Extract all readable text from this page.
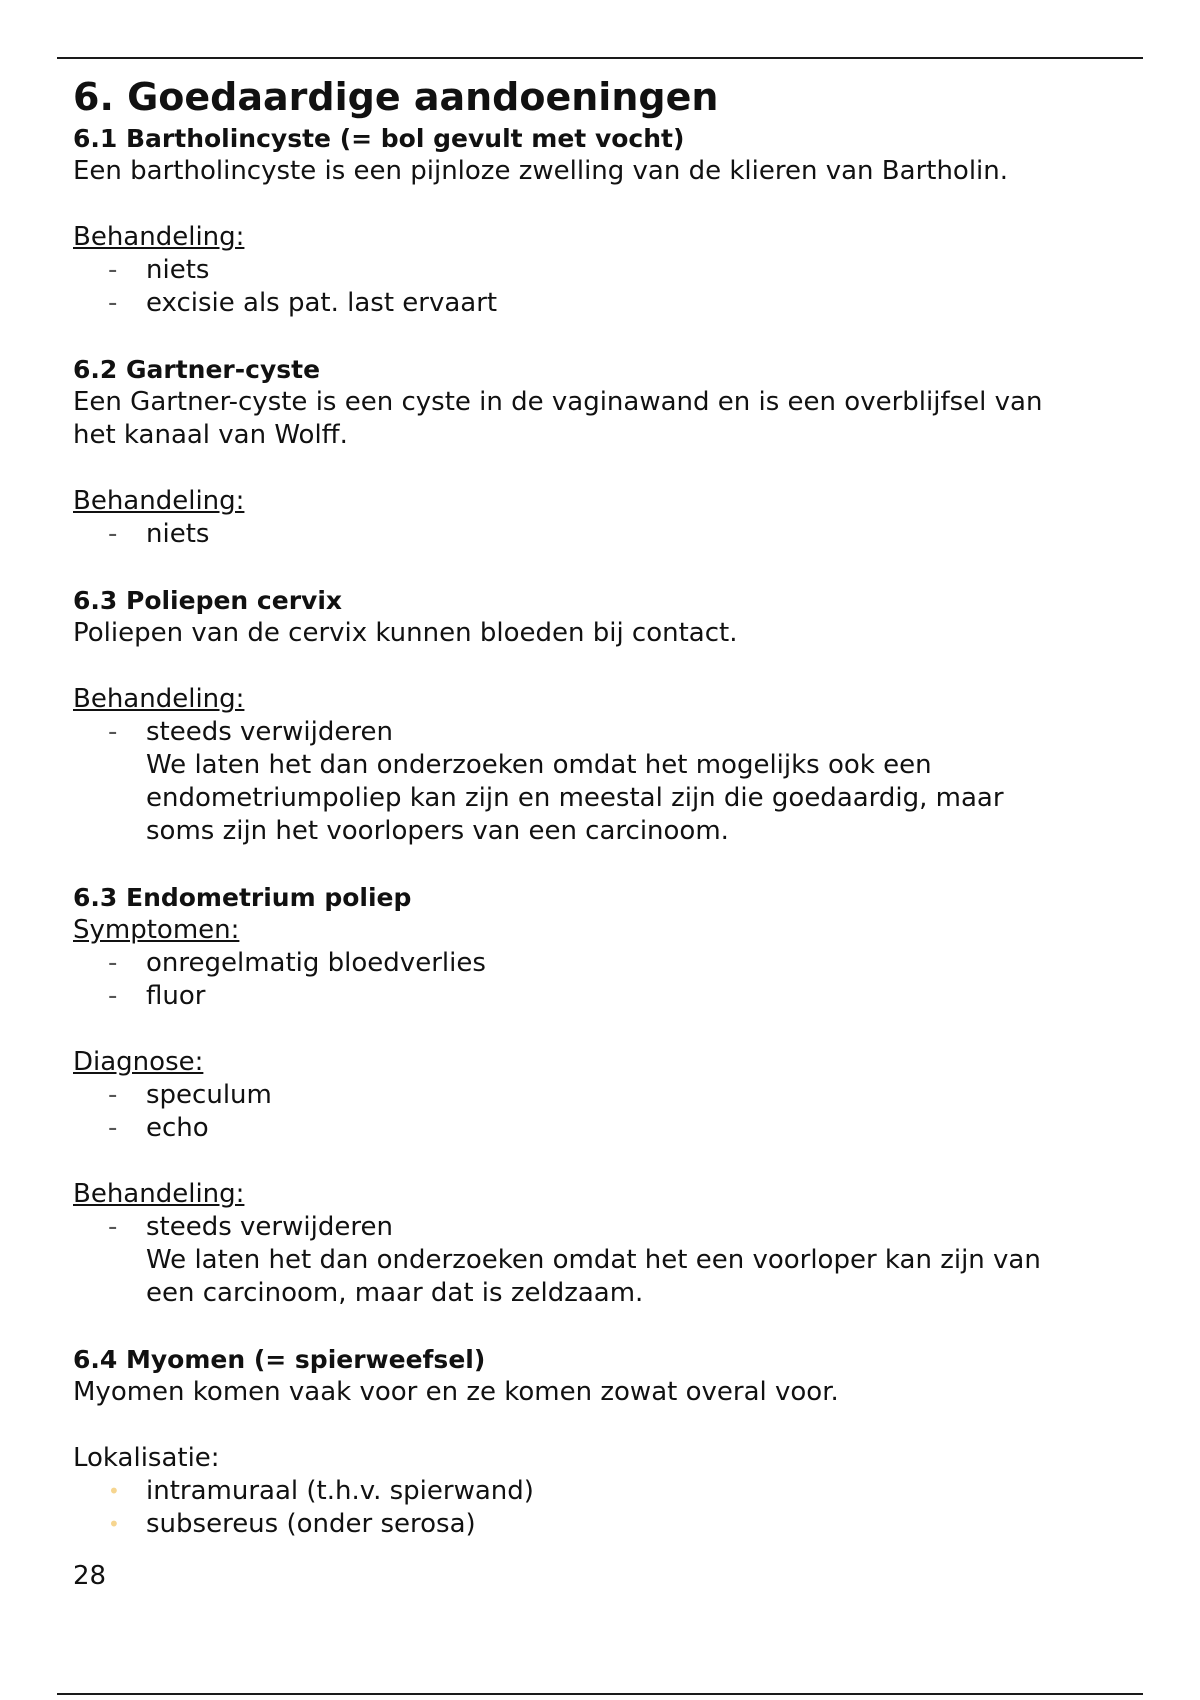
6. Goedaardige aandoeningen

6.1 Bartholincyste (= bol gevult met vocht)

Een bartholincyste is een pijnloze zwelling van de klieren van Bartholin.

Behandeling:

- niets
- excisie als pat. last ervaart

6.2 Gartner-cyste

Een Gartner-cyste is een cyste in de vaginawand en is een overblijfsel van

het kanaal van Wolff.

Behandeling:

- niets

6.3 Poliepen cervix

Poliepen van de cervix kunnen bloeden bij contact.

Behandeling:

- steeds verwijderen
We laten het dan onderzoeken omdat het mogelijks ook een
endometriumpoliep kan zijn en meestal zijn die goedaardig, maar
soms zijn het voorlopers van een carcinoom.

6.3 Endometrium poliep

Symptomen:

- onregelmatig bloedverlies
- fluor

Diagnose:

- speculum
- echo

Behandeling:

- steeds verwijderen
We laten het dan onderzoeken omdat het een voorloper kan zijn van
een carcinoom, maar dat is zeldzaam.

6.4 Myomen (= spierweefsel)

Myomen komen vaak voor en ze komen zowat overal voor.

Lokalisatie:

• intramuraal (t.h.v. spierwand)
• subsereus (onder serosa)
28
